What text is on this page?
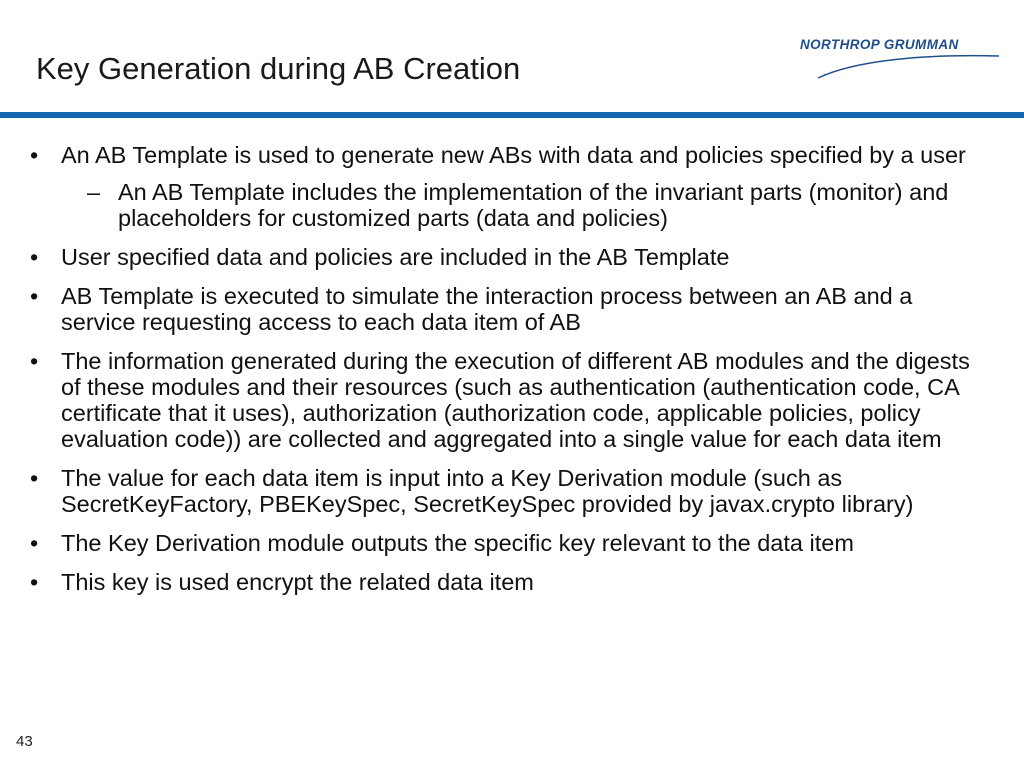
Key Generation during AB Creation
NORTHROP GRUMMAN
• An AB Template is used to generate new ABs with data and policies specified by a user
– An AB Template includes the implementation of the invariant parts (monitor) and placeholders for customized parts (data and policies)
• User specified data and policies are included in the AB Template
• AB Template is executed to simulate the interaction process between an AB and a service requesting access to each data item of AB
• The information generated during the execution of different AB modules and the digests of these modules and their resources (such as authentication (authentication code, CA certificate that it uses), authorization (authorization code, applicable policies, policy evaluation code)) are collected and aggregated into a single value for each data item
• The value for each data item is input into a Key Derivation module (such as SecretKeyFactory, PBEKeySpec, SecretKeySpec provided by javax.crypto library)
• The Key Derivation module outputs the specific key relevant to the data item
• This key is used encrypt the related data item
43
